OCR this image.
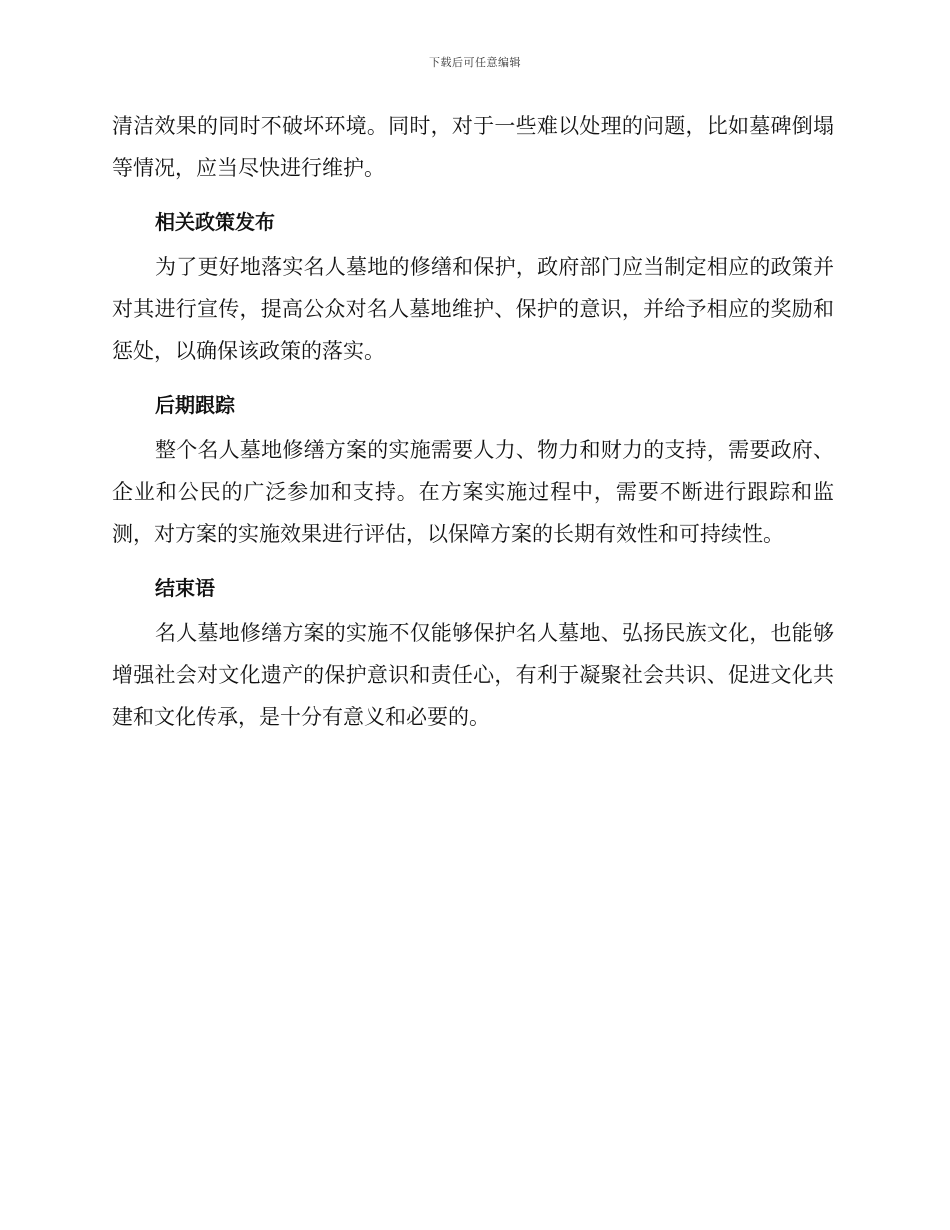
下载后可任意编辑

清洁效果的同时不破坏环境。同时，对于一些难以处理的问题，比如墓碑倒塌等情况，应当尽快进行维护。

相关政策发布

为了更好地落实名人墓地的修缮和保护，政府部门应当制定相应的政策并对其进行宣传，提高公众对名人墓地维护、保护的意识，并给予相应的奖励和惩处，以确保该政策的落实。

后期跟踪

整个名人墓地修缮方案的实施需要人力、物力和财力的支持，需要政府、企业和公民的广泛参加和支持。在方案实施过程中，需要不断进行跟踪和监测，对方案的实施效果进行评估，以保障方案的长期有效性和可持续性。

结束语

名人墓地修缮方案的实施不仅能够保护名人墓地、弘扬民族文化，也能够增强社会对文化遗产的保护意识和责任心，有利于凝聚社会共识、促进文化共建和文化传承，是十分有意义和必要的。
